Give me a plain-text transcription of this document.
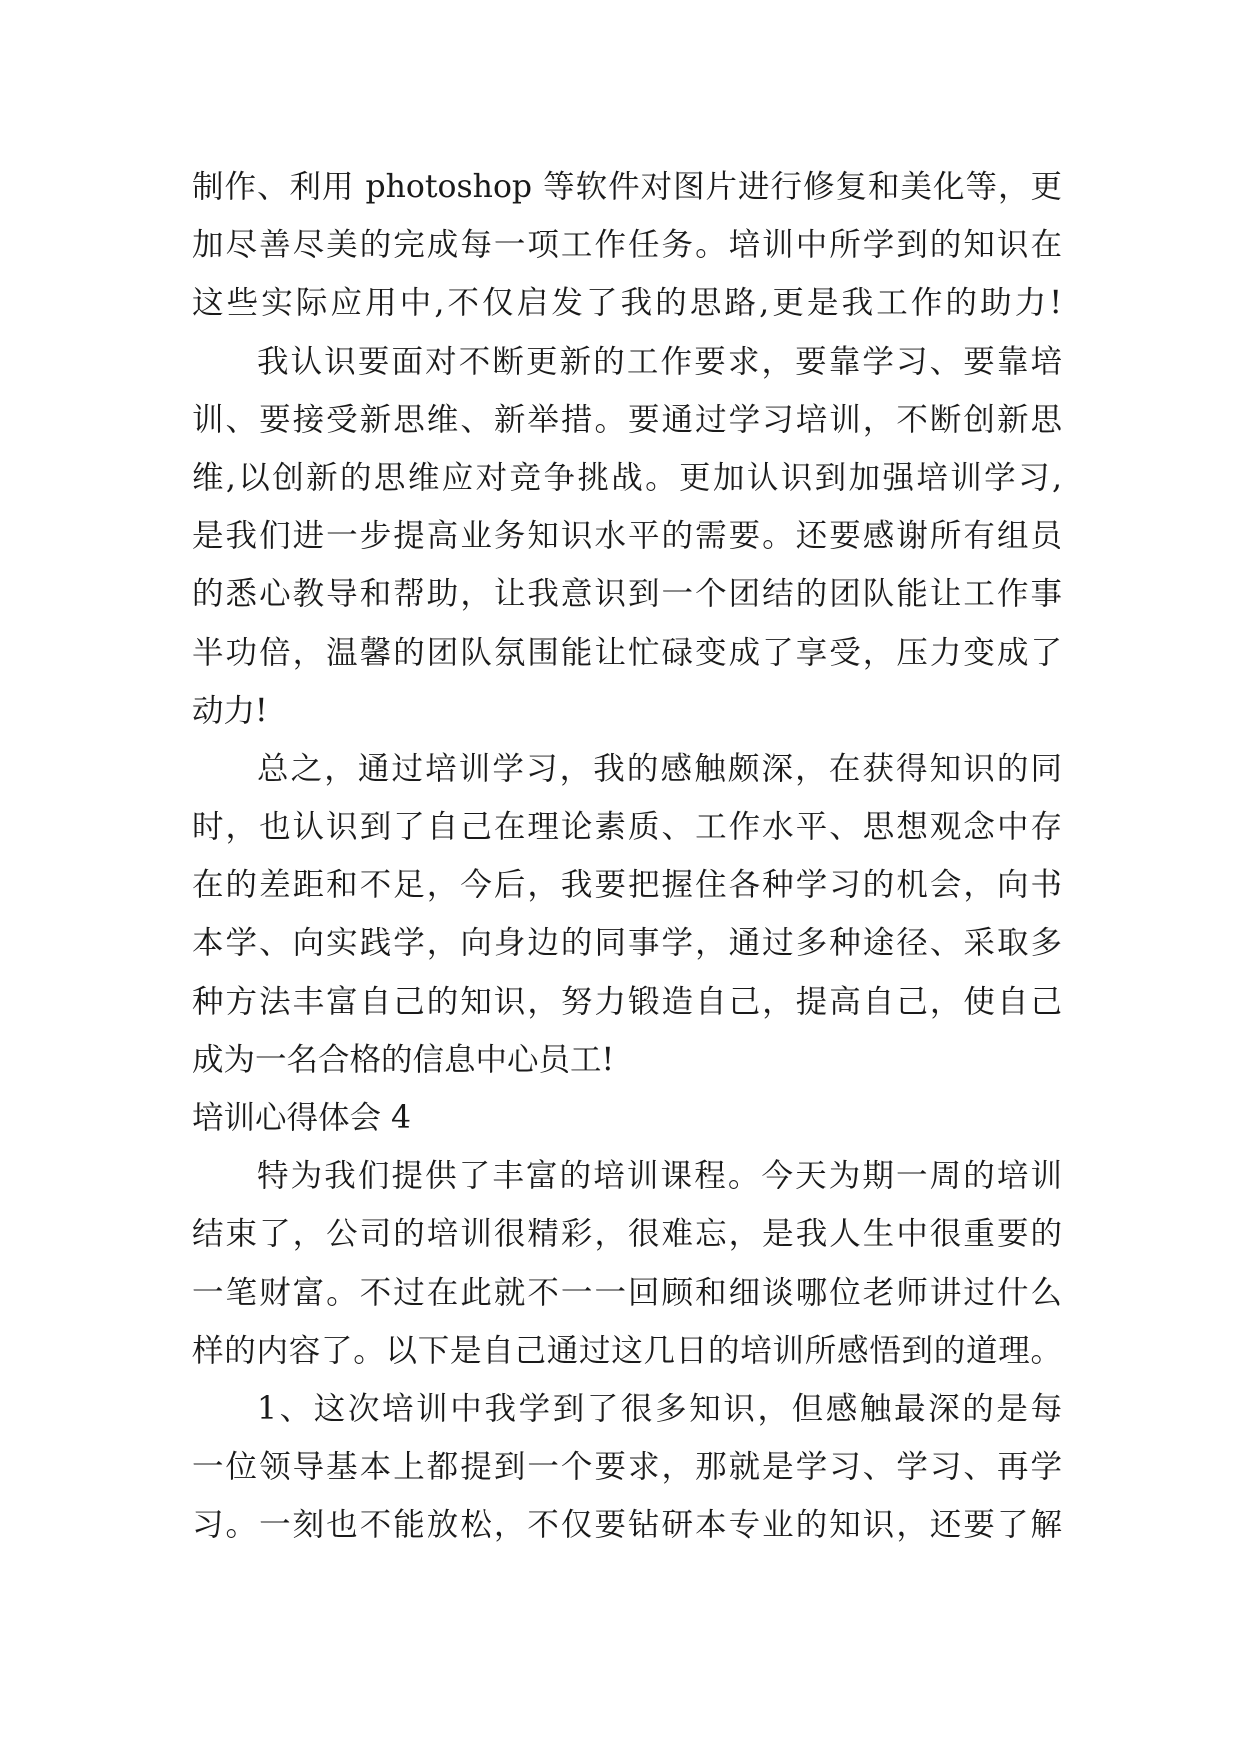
制作、利用 photoshop 等软件对图片进行修复和美化等，更
加尽善尽美的完成每一项工作任务。培训中所学到的知识在
这些实际应用中,不仅启发了我的思路,更是我工作的助力!
我认识要面对不断更新的工作要求，要靠学习、要靠培
训、要接受新思维、新举措。要通过学习培训，不断创新思
维,以创新的思维应对竞争挑战。更加认识到加强培训学习,
是我们进一步提高业务知识水平的需要。还要感谢所有组员
的悉心教导和帮助，让我意识到一个团结的团队能让工作事
半功倍，温馨的团队氛围能让忙碌变成了享受，压力变成了
动力!
总之，通过培训学习，我的感触颇深，在获得知识的同
时，也认识到了自己在理论素质、工作水平、思想观念中存
在的差距和不足，今后，我要把握住各种学习的机会，向书
本学、向实践学，向身边的同事学，通过多种途径、采取多
种方法丰富自己的知识，努力锻造自己，提高自己，使自己
成为一名合格的信息中心员工!
培训心得体会 4
特为我们提供了丰富的培训课程。今天为期一周的培训
结束了，公司的培训很精彩，很难忘，是我人生中很重要的
一笔财富。不过在此就不一一回顾和细谈哪位老师讲过什么
样的内容了。以下是自己通过这几日的培训所感悟到的道理。
1、这次培训中我学到了很多知识，但感触最深的是每
一位领导基本上都提到一个要求，那就是学习、学习、再学
习。一刻也不能放松，不仅要钻研本专业的知识，还要了解
